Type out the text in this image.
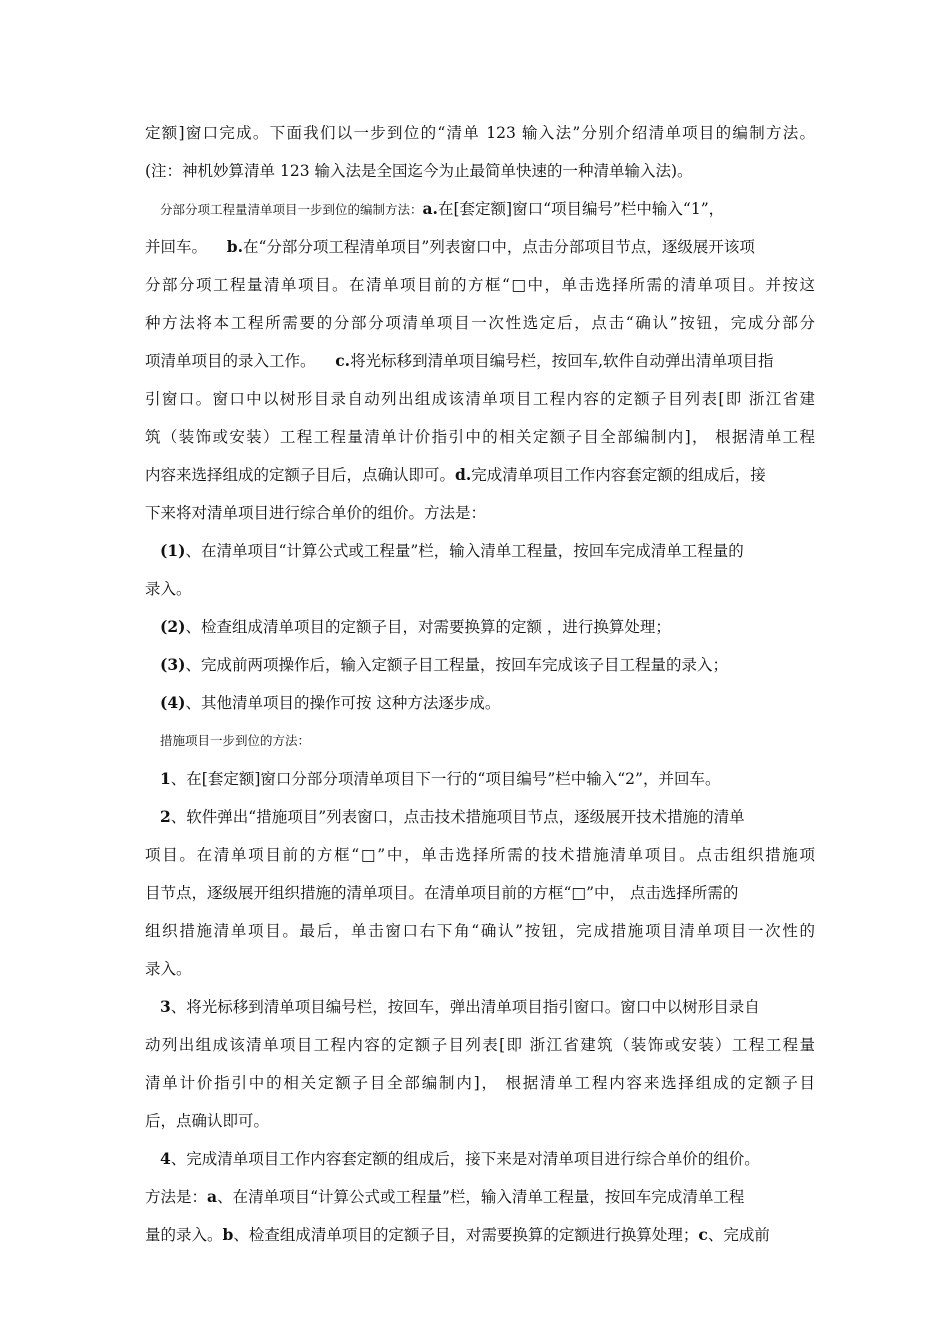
定额]窗口完成。下面我们以一步到位的“清单 123 输入法”分别介绍清单项目的编制方法。
(注：神机妙算清单 123 输入法是全国迄今为止最简单快速的一种清单输入法)。
分部分项工程量清单项目一步到位的编制方法：a.在[套定额]窗口“项目编号”栏中输入“1”，
并回车。 b.在“分部分项工程清单项目”列表窗口中，点击分部项目节点，逐级展开该项
分部分项工程量清单项目。在清单项目前的方框“□中，单击选择所需的清单项目。并按这
种方法将本工程所需要的分部分项清单项目一次性选定后，点击“确认”按钮，完成分部分
项清单项目的录入工作。 c.将光标移到清单项目编号栏，按回车,软件自动弹出清单项目指
引窗口。窗口中以树形目录自动列出组成该清单项目工程内容的定额子目列表[即 浙江省建
筑（装饰或安装）工程工程量清单计价指引中的相关定额子目全部编制内]， 根据清单工程
内容来选择组成的定额子目后，点确认即可。d.完成清单项目工作内容套定额的组成后，接
下来将对清单项目进行综合单价的组价。方法是：
(1)、在清单项目“计算公式或工程量”栏，输入清单工程量，按回车完成清单工程量的
录入。
(2)、检查组成清单项目的定额子目，对需要换算的定额 ，进行换算处理；
(3)、完成前两项操作后，输入定额子目工程量，按回车完成该子目工程量的录入；
(4)、其他清单项目的操作可按 这种方法逐步成。
措施项目一步到位的方法：
1、在[套定额]窗口分部分项清单项目下一行的“项目编号”栏中输入“2”，并回车。
2、软件弹出“措施项目”列表窗口，点击技术措施项目节点，逐级展开技术措施的清单
项目。在清单项目前的方框“□”中，单击选择所需的技术措施清单项目。点击组织措施项
目节点，逐级展开组织措施的清单项目。在清单项目前的方框“□”中， 点击选择所需的
组织措施清单项目。最后，单击窗口右下角“确认”按钮，完成措施项目清单项目一次性的
录入。
3、将光标移到清单项目编号栏，按回车，弹出清单项目指引窗口。窗口中以树形目录自
动列出组成该清单项目工程内容的定额子目列表[即 浙江省建筑（装饰或安装）工程工程量
清单计价指引中的相关定额子目全部编制内]， 根据清单工程内容来选择组成的定额子目
后，点确认即可。
4、完成清单项目工作内容套定额的组成后，接下来是对清单项目进行综合单价的组价。
方法是：a、在清单项目“计算公式或工程量”栏，输入清单工程量，按回车完成清单工程
量的录入。b、检查组成清单项目的定额子目，对需要换算的定额进行换算处理；c、完成前
